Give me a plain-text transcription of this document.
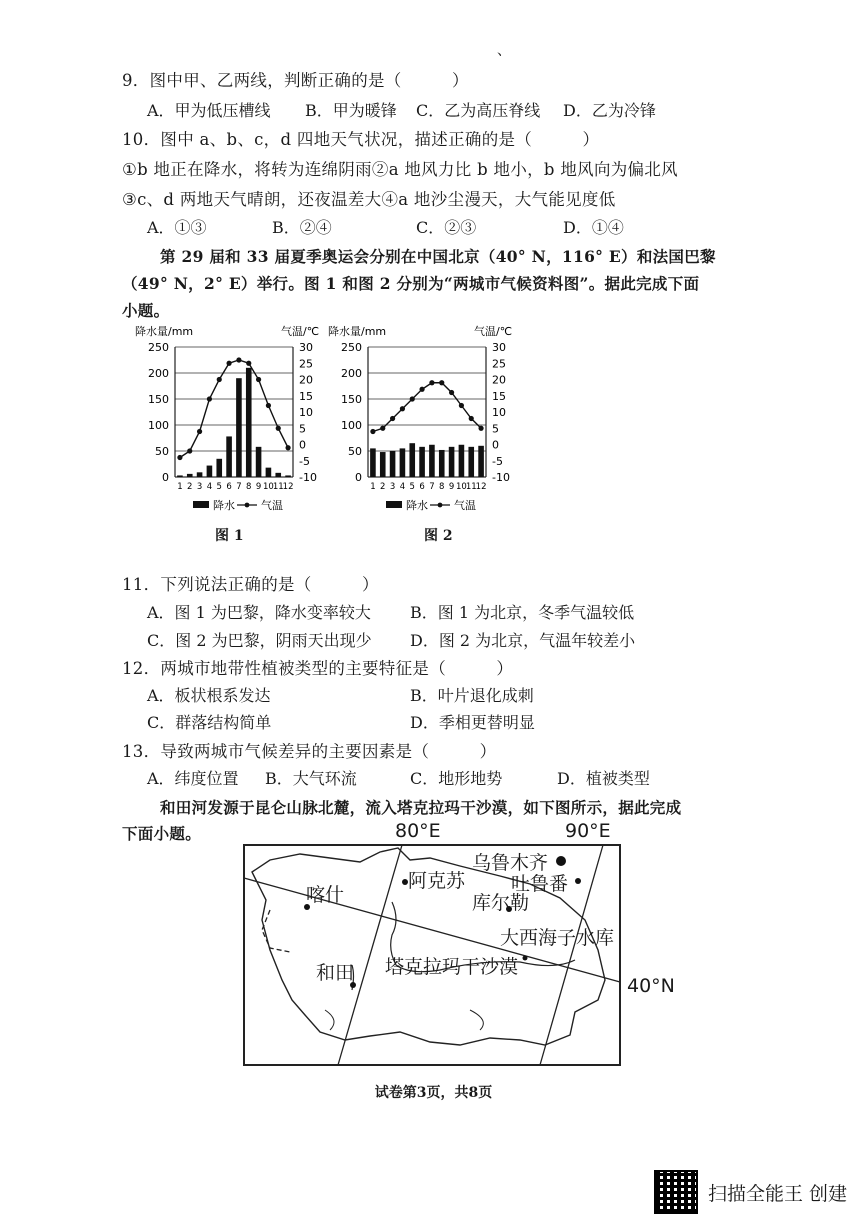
、
9．图中甲、乙两线，判断正确的是（　　　）
A．甲为低压槽线 B．甲为暖锋 C．乙为高压脊线 D．乙为冷锋
10．图中 a、b、c，d 四地天气状况，描述正确的是（　　　）
①b 地正在降水，将转为连绵阴雨②a 地风力比 b 地小，b 地风向为偏北风
③c、d 两地天气晴朗，还夜温差大④a 地沙尘漫天，大气能见度低
A．①③	B．②④	C．②③	D．①④
第 29 届和 33 届夏季奥运会分别在中国北京（40° N，116° E）和法国巴黎
（49° N，2° E）举行。图 1 和图 2 分别为“两城市气候资料图”。据此完成下面
小题。
降水量/mm	气温/℃
0
50
100
150
200
250
-10
-5
0
5
10
15
20
25
30
1 2 3 4 5 6 7 8 9 10 11 12
降水 气温
降水量/mm	气温/℃
0
50
100
150
200
250
-10
-5
0
5
10
15
20
25
30
1 2 3 4 5 6 7 8 9 10 11 12
降水 气温
图 1	图 2
11．下列说法正确的是（　　　）
A．图 1 为巴黎，降水变率较大 B．图 1 为北京，冬季气温较低
C．图 2 为巴黎，阴雨天出现少 D．图 2 为北京，气温年较差小
12．两城市地带性植被类型的主要特征是（　　　）
A．板状根系发达	B．叶片退化成刺
C．群落结构简单	D．季相更替明显
13．导致两城市气候差异的主要因素是（　　　）
A．纬度位置 B．大气环流	C．地形地势	D．植被类型
和田河发源于昆仑山脉北麓，流入塔克拉玛干沙漠，如下图所示，据此完成
下面小题。	80°E	90°E
40°N
乌鲁木齐
阿克苏 吐鲁番
喀什	库尔勒
大西海子水库
和田 塔克拉玛干沙漠
试卷第3页，共8页
扫描全能王 创建
